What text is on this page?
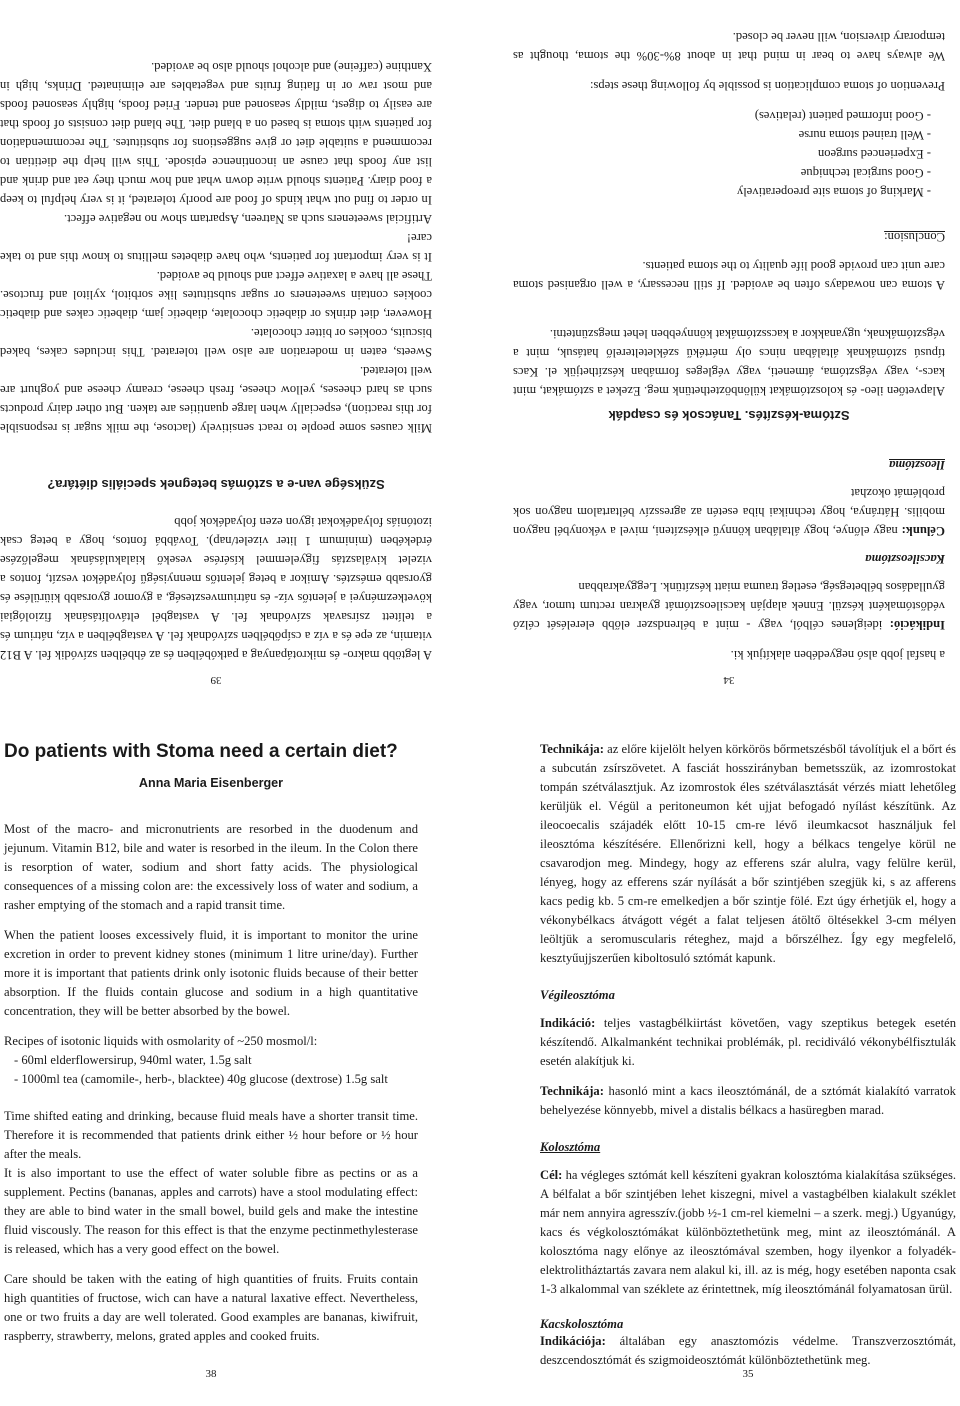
34

a hasfal jobb alsó negyedében alakítjuk ki.

Indikáció: ideiglenes célból, vagy - mint a bélrendszer előbb elerelését célzó védőstómaként készül. Ennek alapján kacsileosztómát gyakran rectum tumor, vagy gyulladásos bélbetegség, esetleg trauma miatt készítünk. Leggyakrabban

Kacsileosztóma

Célunk: nagy előnye, hogy általában könnyű elkészíteni, mivel a vékonybél nagyon mobilis. Hátránya, hogy technikai hiba esetén az agresszív béltartalom nagyon sok problémát okozhat

Ileosztóma
Sztóma-készítés. Tanácsok és csapdák

Alapvetően ileo- és kolosztómákat különböztethetünk meg. Ezeket a sztómákat, mint kacs-, vagy végsztóma, átmeneti, vagy végleges formában készíthetjük el. Kacs típusú sztómáknak általában nincs oly mértékű székletelterelő hatásuk, mint a végsztómáknak, ugyanakkor a kacssztómákat könnyebben lehet megszüntetni.

A stoma can nowadays often be avoided. If still necessary, a well organised stoma care unit can provide good life quality to the stoma patients.

Conclusion:
- Marking of stoma site preoperatively
- Good surgical technique
- Experienced surgeon
- Well trained stoma nurse
- Good informed patient (relatives)

Prevention of stoma complication is possible by following these steps:

We always have to bear in mind that in about 8%-30% the stoma, thought as temporary diversion, will never be closed.

39

A legtöbb makro- és mikrotápanyag a patkóbélben és az éhbélben szívódik fel. A B12 vitamin, az epe és a víz a csípőbélben szívódnak fel. A vastagbélben a víz, nátrium és a telített zsírsavak szívódnak fel. A vastagbél eltávolításának fiziológiai következményei a jelentős víz- és nátriumveszteség, a gyomor gyorsabb kiürülése és gyorsabb emésztés. Amikor a beteg jelentős mennyiségű folyadékot veszít, fontos a vizelet kiválasztás figyelemmel kísérése vesekő kialakulásának megelőzése érdekében (minimum 1 liter vizelet/nap). Továbbá fontos, hogy a beteg csak izotóniás folyadékokat igyon ezen folyadékok jobb

Szüksége van-e a sztómás betegnek speciális diétára?

Milk causes some people to react sensitively (lactose, the milk sugar is responsible for this reaction), especially when large quantities are taken. But other dairy products such as hard cheeses, yellow cheese, fresh cheese, creamy cheese and yoghurt are well tolerated.

Sweets, eaten in moderation are also well tolerated. This includes cakes, baked biscuits, cookies or bitter chocolate.

However, diet drinks or diabetic chocolate, diabetic jam, diabetic cakes and diabetic cookies contain sweeteners or sugar substitutes like sorbitol, xylitol and fructose. These all have a laxative effect and should be avoided.

It is very important for patients, who have diabetes mellitus to know this and to take care!

Artificial sweeteners such as Natreen, Aspartam show no negative effect.

In order to find out what kinds of food are poorly tolerated, it is very helpful to keep a food diary. Patients should write down what and how much they eat and drink and list any foods that cause an incontinence episode. This will help the dietitian to recommend a suitable diet or give suggestions for substitutes. The recommendation for patients with stoma is based on a bland diet. The bland diet consists of foods that are easily to digest, mildly seasoned and tender. Fried foods, highly seasoned foods and most raw or in flating fruits and vegetables are eliminated. Drinks, high in Xanthine (caffeine) and alcohol should also be avoided.

Do patients with Stoma need a certain diet?
Anna Maria Eisenberger

Most of the macro- and micronutrients are resorbed in the duodenum and jejunum. Vitamin B12, bile and water is resorbed in the ileum. In the Colon there is resorption of water, sodium and short fatty acids. The physiological consequences of a missing colon are: the excessively loss of water and sodium, a rasher emptying of the stomach and a rapid transit time.

When the patient looses excessively fluid, it is important to monitor the urine excretion in order to prevent kidney stones (minimum 1 litre urine/day). Further more it is important that patients drink only isotonic fluids because of their better absorption. If the fluids contain glucose and sodium in a high quantitative concentration, they will be better absorbed by the bowel.

Recipes of isotonic liquids with osmolarity of ~250 mosmol/l:

- 60ml elderflowersirup, 940ml water, 1.5g salt
- 1000ml tea (camomile-, herb-, blacktee) 40g glucose (dextrose) 1.5g salt

Time shifted eating and drinking, because fluid meals have a shorter transit time. Therefore it is recommended that patients drink either ½ hour before or ½ hour after the meals.

It is also important to use the effect of water soluble fibre as pectins or as a supplement. Pectins (bananas, apples and carrots) have a stool modulating effect: they are able to bind water in the small bowel, build gels and make the intestine fluid viscously. The reason for this effect is that the enzyme pectinmethylesterase is released, which has a very good effect on the bowel.

Care should be taken with the eating of high quantities of fruits. Fruits contain high quantities of fructose, wich can have a natural laxative effect. Nevertheless, one or two fruits a day are well tolerated. Good examples are bananas, kiwifruit, raspberry, strawberry, melons, grated apples and cooked fruits.

38

Technikája: az előre kijelölt helyen körkörös bőrmetszésből távolítjuk el a bőrt és a subcután zsírszövetet. A fasciát hosszirányban bemetsszük, az izomrostokat tompán szétválasztjuk. Az izomrostok éles szétválasztását vérzés miatt lehetőleg kerüljük el. Végül a peritoneumon két ujjat befogadó nyílást készítünk. Az ileocoecalis szájadék előtt 10-15 cm-re lévő ileumkacsot használjuk fel ileosztóma készítésére. Ellenőrizni kell, hogy a bélkacs tengelye körül ne csavarodjon meg. Mindegy, hogy az efferens szár alulra, vagy felülre kerül, lényeg, hogy az efferens szár nyílását a bőr szintjében szegjük ki, s az afferens kacs pedig kb. 5 cm-re emelkedjen a bőr szintje fölé. Ezt úgy érhetjük el, hogy a vékonybélkacs átvágott végét a falat teljesen átöltő öltésekkel 3-cm mélyen leöltjük a seromuscularis réteghez, majd a bőrszélhez. Így egy megfelelő, kesztyűujjszerűen kiboltosuló sztómát kapunk.

Végileosztóma

Indikáció: teljes vastagbélkiirtást követően, vagy szeptikus betegek esetén készítendő. Alkalmanként technikai problémák, pl. recidiváló vékonybélfisztulák esetén alakítjuk ki.

Technikája: hasonló mint a kacs ileosztómánál, de a sztómát kialakító varratok behelyezése könnyebb, mivel a distalis bélkacs a hasüregben marad.

Kolosztóma

Cél: ha végleges sztómát kell készíteni gyakran kolosztóma kialakítása szükséges. A bélfalat a bőr szintjében lehet kiszegni, mivel a vastagbélben kialakult széklet már nem annyira agresszív.(jobb ½-1 cm-rel kiemelni – a szerk. megj.) Ugyanúgy, kacs és végkolosztómákat különböztethetünk meg, mint az ileosztómánál. A kolosztóma nagy előnye az ileosztómával szemben, hogy ilyenkor a folyadék-elektrolitháztartás zavara nem alakul ki, ill. az is még, hogy esetében naponta csak 1-3 alkalommal van széklete az érintettnek, míg ileosztómánál folyamatosan ürül.

Kacskolosztóma

Indikációja: általában egy anasztomózis védelme. Transzverzosztómát, deszcendosztómát és szigmoideosztómát különböztethetünk meg.

35
